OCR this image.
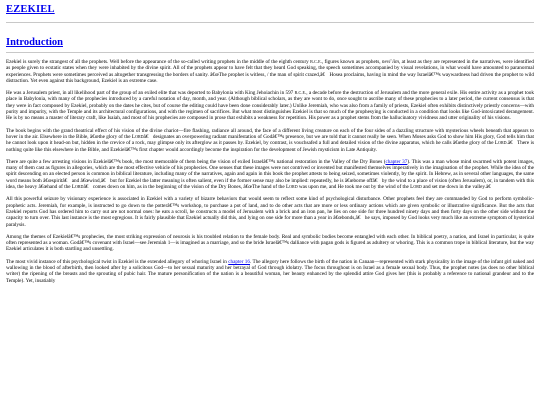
EZEKIEL
Introduction

Ezekiel is surely the strangest of all the prophets. Well before the appearance of the so-called writing prophets in the middle of the eighth century b.c.e., figures known as prophets, neviʿiim, at least as they are represented in the narratives, were identified as people given to ecstatic states when they were inhabited by the divine spirit. All of the prophets appear to have felt that they heard God speaking, the speech sometimes accompanied by visual revelations, in what would have amounted to paranormal experiences. Prophets were sometimes perceived as altogether transgressing the borders of sanity. â€œThe prophet is witless, / the man of spirit crazed,â€ Hosea proclaims, having in mind the way Israelâ€™s waywardness had driven the prophet to wild distraction. Yet even against this background, Ezekiel is an extreme case.

He was a Jerusalem priest, in all likelihood part of the group of an exiled elite that was deported to Babylonia with King Jehoiachin in 597 b.c.e., a decade before the destruction of Jerusalem and the more general exile. His entire activity as a prophet took place in Babylonia, with many of the prophecies introduced by a careful notation of day, month, and year. (Although biblical scholars, as they are wont to do, once sought to ascribe many of these prophecies to a later period, the current consensus is that they were in fact composed by Ezekiel, probably on the dates he cites, but of course the editing could have been done considerably later.) Unlike Jeremiah, who was also from a family of priests, Ezekiel often exhibits distinctively priestly concerns—with purity and impurity, with the Temple and its architectural configurations, and with the regimen of sacrifices. But what most distinguishes Ezekiel is that so much of the prophesying is conducted in a condition that looks like God-intoxicated derangement. He is by no means a master of literary craft, like Isaiah, and most of his prophecies are composed in prose that exhibits a weakness for repetition. His power as a prophet stems from the hallucinatory vividness and utter originality of his visions.

The book begins with the grand theatrical effect of his vision of the divine chariot—fire flashing, radiance all around, the face of a different living creature on each of the four sides of a dazzling structure with mysterious wheels beneath that appears to hover in the air. Elsewhere in the Bible, â€œthe glory of the Lordâ€ designates an overpowering radiant manifestation of Godâ€™s presence, but we are told that it cannot really be seen. When Moses asks God to show him His glory, God tells him that he cannot look upon it head-on but, hidden in the crevice of a rock, may glimpse only its afterglow as it passes by. Ezekiel, by contrast, is vouchsafed a full and detailed vision of the divine apparatus, which he calls â€œthe glory of the Lord.â€ There is nothing quite like this elsewhere in the Bible, and Ezekielâ€™s first chapter would accordingly become the inspiration for the development of Jewish mysticism in Late Antiquity.

There are quite a few arresting visions in Ezekielâ€™s book, the most memorable of them being the vision of exiled Israelâ€™s national restoration in the Valley of the Dry Bones (chapter 37). This was a man whose mind swarmed with potent images, many of them cast as figures in allegories, which are the most effective vehicle of his prophecies. One senses that these images were not contrived or invented but manifested themselves imperatively in the imagination of the prophet. While the idea of the spirit descending on an elected person is common in biblical literature, including many of the narratives, again and again in this book the prophet attests to being seized, sometimes violently, by the spirit. In Hebrew, as in several other languages, the same word means both â€œspiritâ€ and â€œwind,â€ but for Ezekiel the latter meaning is often salient, even if the former sense may also be implied: repeatedly, he is â€œborne offâ€ by the wind to a place of vision (often Jerusalem), or, in tandem with this idea, the heavy â€œhand of the Lordâ€ comes down on him, as in the beginning of the vision of the Dry Bones, â€œThe hand of the Lord was upon me, and He took me out by the wind of the Lord and set me down in the valley.â€

All this powerful seizure by visionary experience is associated in Ezekiel with a variety of bizarre behaviors that would seem to reflect some kind of psychological disturbance. Other prophets feel they are commanded by God to perform symbolic-prophetic acts. Jeremiah, for example, is instructed to go down to the potterâ€™s workshop, to purchase a pot of land, and to do other acts that are more or less ordinary actions which are given symbolic or illustrative significance. But the acts that Ezekiel reports God has ordered him to carry out are not normal ones: he eats a scroll, he constructs a model of Jerusalem with a brick and an iron pan, he lies on one side for three hundred ninety days and then forty days on the other side without the capacity to turn over. This last instance is the most egregious. It is fairly plausible that Ezekiel actually did this, and lying on one side for more than a year in â€œbonds,â€ he says, imposed by God looks very much like an extreme symptom of hysterical paralysis.

Among the themes of Ezekielâ€™s prophecies, the most striking expression of neurosis is his troubled relation to the female body. Real and symbolic bodies become entangled with each other. In biblical poetry, a nation, and Israel in particular, is quite often represented as a woman. Godâ€™s covenant with Israel—see Jeremiah 1—is imagined as a marriage, and so the bride Israelâ€™s dalliance with pagan gods is figured as adultery or whoring. This is a common trope in biblical literature, but the way Ezekiel articulates it is both startling and unsettling.

The most vivid instance of this psychological twist in Ezekiel is the extended allegory of whoring Israel in chapter 16. The allegory here follows the birth of the nation in Canaan—represented with stark physicality in the image of the infant girl naked and wallowing in the blood of afterbirth, then looked after by a solicitous God—to her sexual maturity and her betrayal of God through idolatry. The focus throughout is on Israel as a female sexual body. Thus, the prophet notes (as does no other biblical writer) the ripening of the breasts and the sprouting of pubic hair. The mature personification of the nation is a beautiful woman, her beauty enhanced by the splendid attire God gives her (this is probably a reference to national grandeur and to the Temple). Yet, insatiably
